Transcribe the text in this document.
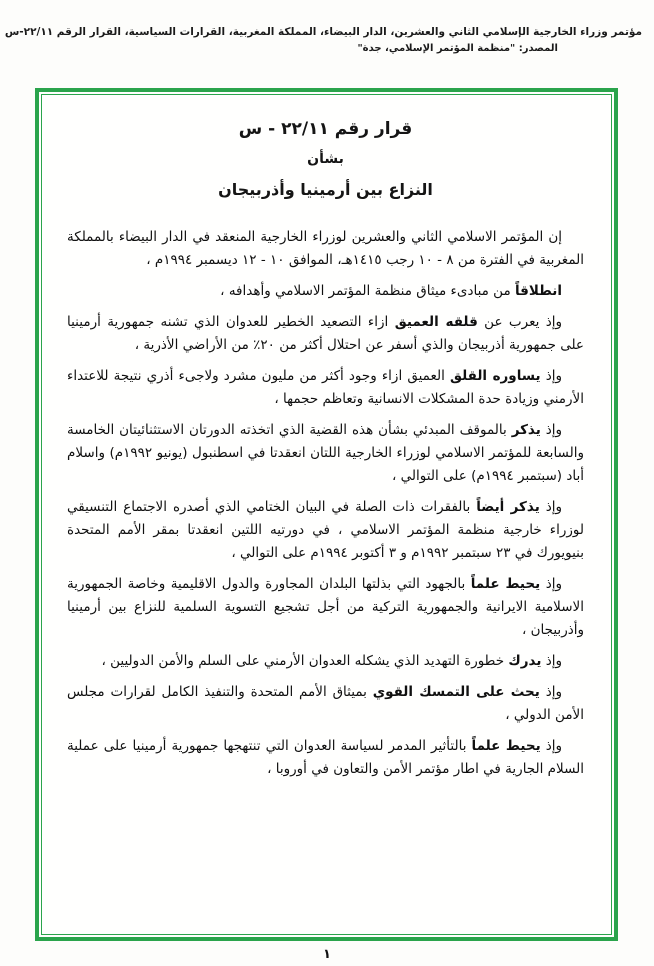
مؤتمر وزراء الخارجية الإسلامي الثاني والعشرين، الدار البيضاء، المملكة المغربية، القرارات السياسية، القرار الرقم ٢٢/١١-س
المصدر: "منظمة المؤتمر الإسلامي، جدة"
قرار رقم ٢٢/١١ - س
بشأن
النزاع بين أرمينيا وأذربيجان

إن المؤتمر الاسلامي الثاني والعشرين لوزراء الخارجية المنعقد في الدار البيضاء بالمملكة المغربية في الفترة من ٨ - ١٠ رجب ١٤١٥هـ، الموافق ١٠ - ١٢ ديسمبر ١٩٩٤م ،

انطلاقاً من مبادىء ميثاق منظمة المؤتمر الاسلامي وأهدافه ،

وإذ يعرب عن قلقه العميق ازاء التصعيد الخطير للعدوان الذي تشنه جمهورية أرمينيا على جمهورية أذربيجان والذي أسفر عن احتلال أكثر من ٢٠٪ من الأراضي الأذرية ،

وإذ يساوره القلق العميق ازاء وجود أكثر من مليون مشرد ولاجىء أذري نتيجة للاعتداء الأرمني وزيادة حدة المشكلات الانسانية وتعاظم حجمها ،

وإذ يذكر بالموقف المبدئي بشأن هذه القضية الذي اتخذته الدورتان الاستثنائيتان الخامسة والسابعة للمؤتمر الاسلامي لوزراء الخارجية اللتان انعقدتا في اسطنبول (يونيو ١٩٩٢م) واسلام أباد (سبتمبر ١٩٩٤م) على التوالي ،

وإذ يذكر أيضاً بالفقرات ذات الصلة في البيان الختامي الذي أصدره الاجتماع التنسيقي لوزراء خارجية منظمة المؤتمر الاسلامي ، في دورتيه اللتين انعقدتا بمقر الأمم المتحدة بنيويورك في ٢٣ سبتمبر ١٩٩٢م و ٣ أكتوبر ١٩٩٤م على التوالي ،

وإذ يحيط علماً بالجهود التي بذلتها البلدان المجاورة والدول الاقليمية وخاصة الجمهورية الاسلامية الايرانية والجمهورية التركية من أجل تشجيع التسوية السلمية للنزاع بين أرمينيا وأذربيجان ،

وإذ يدرك خطورة التهديد الذي يشكله العدوان الأرمني على السلم والأمن الدوليين ،

وإذ يحث على التمسك القوي بميثاق الأمم المتحدة والتنفيذ الكامل لقرارات مجلس الأمن الدولي ،

وإذ يحيط علماً بالتأثير المدمر لسياسة العدوان التي تنتهجها جمهورية أرمينيا على عملية السلام الجارية في اطار مؤتمر الأمن والتعاون في أوروبا ،

١
